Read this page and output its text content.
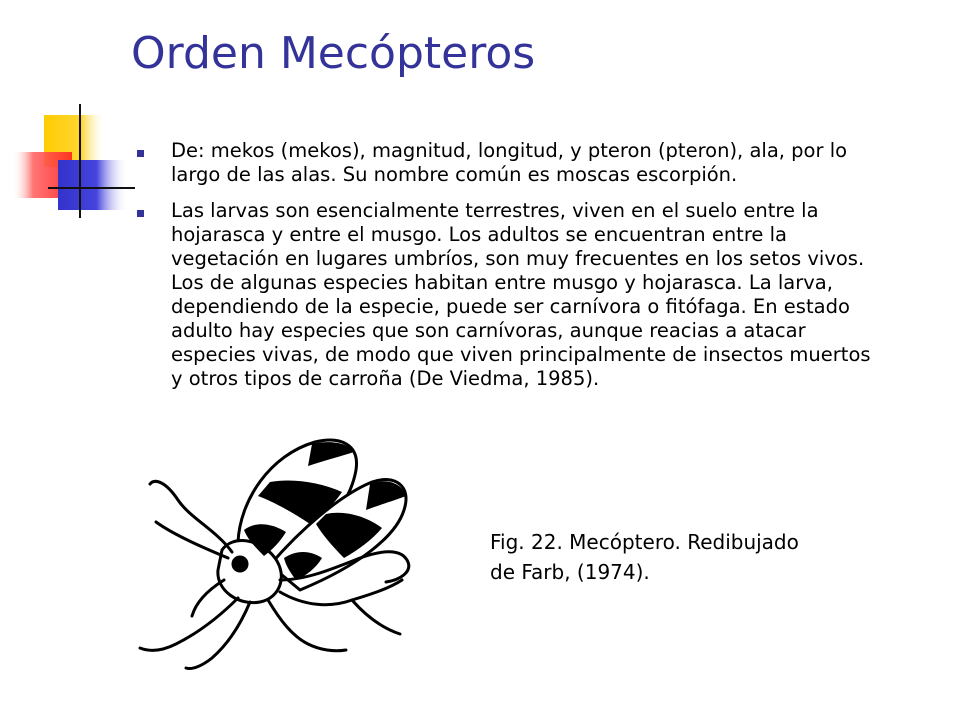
Orden Mecópteros
De: mekos (mekos), magnitud, longitud, y pteron (pteron), ala, por lo
largo de las alas. Su nombre común es moscas escorpión.
Las larvas son esencialmente terrestres, viven en el suelo entre la
hojarasca y entre el musgo. Los adultos se encuentran entre la
vegetación en lugares umbríos, son muy frecuentes en los setos vivos.
Los de algunas especies habitan entre musgo y hojarasca. La larva,
dependiendo de la especie, puede ser carnívora o fitófaga. En estado
adulto hay especies que son carnívoras, aunque reacias a atacar
especies vivas, de modo que viven principalmente de insectos muertos
y otros tipos de carroña (De Viedma, 1985).
Fig. 22. Mecóptero. Redibujado
de Farb, (1974).
